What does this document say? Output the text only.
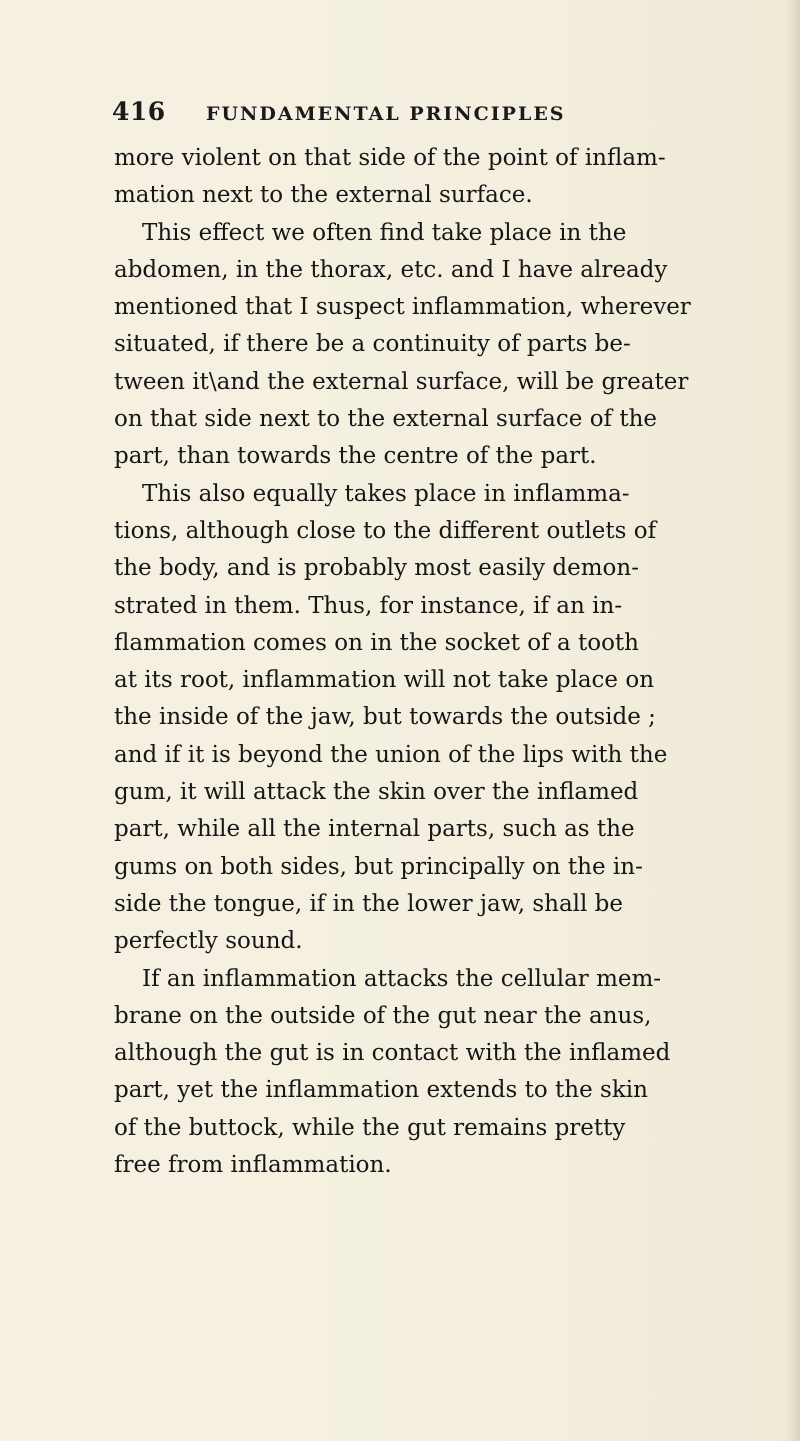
416 FUNDAMENTAL PRINCIPLES
more violent on that side of the point of inflam-
mation next to the external surface.
This effect we often find take place in the
abdomen, in the thorax, etc. and I have already
mentioned that I suspect inflammation, wherever
situated, if there be a continuity of parts be-
tween it\and the external surface, will be greater
on that side next to the external surface of the
part, than towards the centre of the part.
This also equally takes place in inflamma-
tions, although close to the different outlets of
the body, and is probably most easily demon-
strated in them. Thus, for instance, if an in-
flammation comes on in the socket of a tooth
at its root, inflammation will not take place on
the inside of the jaw, but towards the outside ;
and if it is beyond the union of the lips with the
gum, it will attack the skin over the inflamed
part, while all the internal parts, such as the
gums on both sides, but principally on the in-
side the tongue, if in the lower jaw, shall be
perfectly sound.
If an inflammation attacks the cellular mem-
brane on the outside of the gut near the anus,
although the gut is in contact with the inflamed
part, yet the inflammation extends to the skin
of the buttock, while the gut remains pretty
free from inflammation.
